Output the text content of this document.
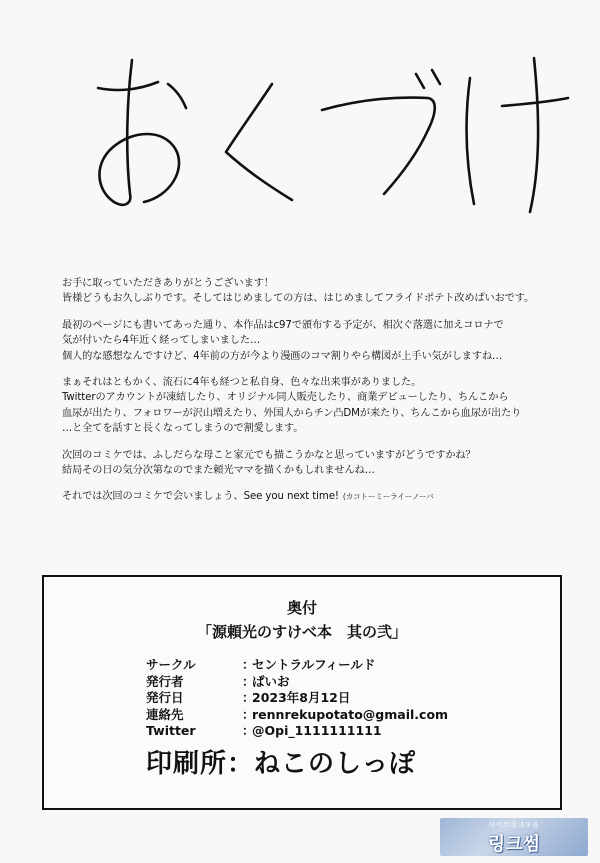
お手に取っていただきありがとうございます！
皆様どうもお久しぶりです。そしてはじめましての方は、はじめましてフライドポテト改めぱいおです。

最初のページにも書いてあった通り、本作品はc97で頒布する予定が、相次ぐ落選に加えコロナで
気が付いたら4年近く経ってしまいました…
個人的な感想なんですけど、4年前の方が今より漫画のコマ割りやら構図が上手い気がしますね…

まぁそれはともかく、流石に4年も経つと私自身、色々な出来事がありました。
Twitterのアカウントが凍結したり、オリジナル同人販売したり、商業デビューしたり、ちんこから
血尿が出たり、フォロワーが沢山増えたり、外国人からチン凸DMが来たり、ちんこから血尿が出たり
…と全てを話すと長くなってしまうので割愛します。

次回のコミケでは、ふしだらな母こと家元でも描こうかなと思っていますがどうですかね？
結局その日の気分次第なのでまた頼光ママを描くかもしれませんね…

それでは次回のコミケで会いましょう、See you next time! (カコトーミーライーノーバ

奥付
「源頼光のすけべ本　其の弐」
サークル	：
セントラルフィールド
発行者	：
ぱいお
発行日	：
2023年8月12日
連絡先	：
rennrekupotato@gmail.com
Twitter	：
@Opi_1111111111
印刷所：ねこのしっぽ
사이트링크모음
링크썸
